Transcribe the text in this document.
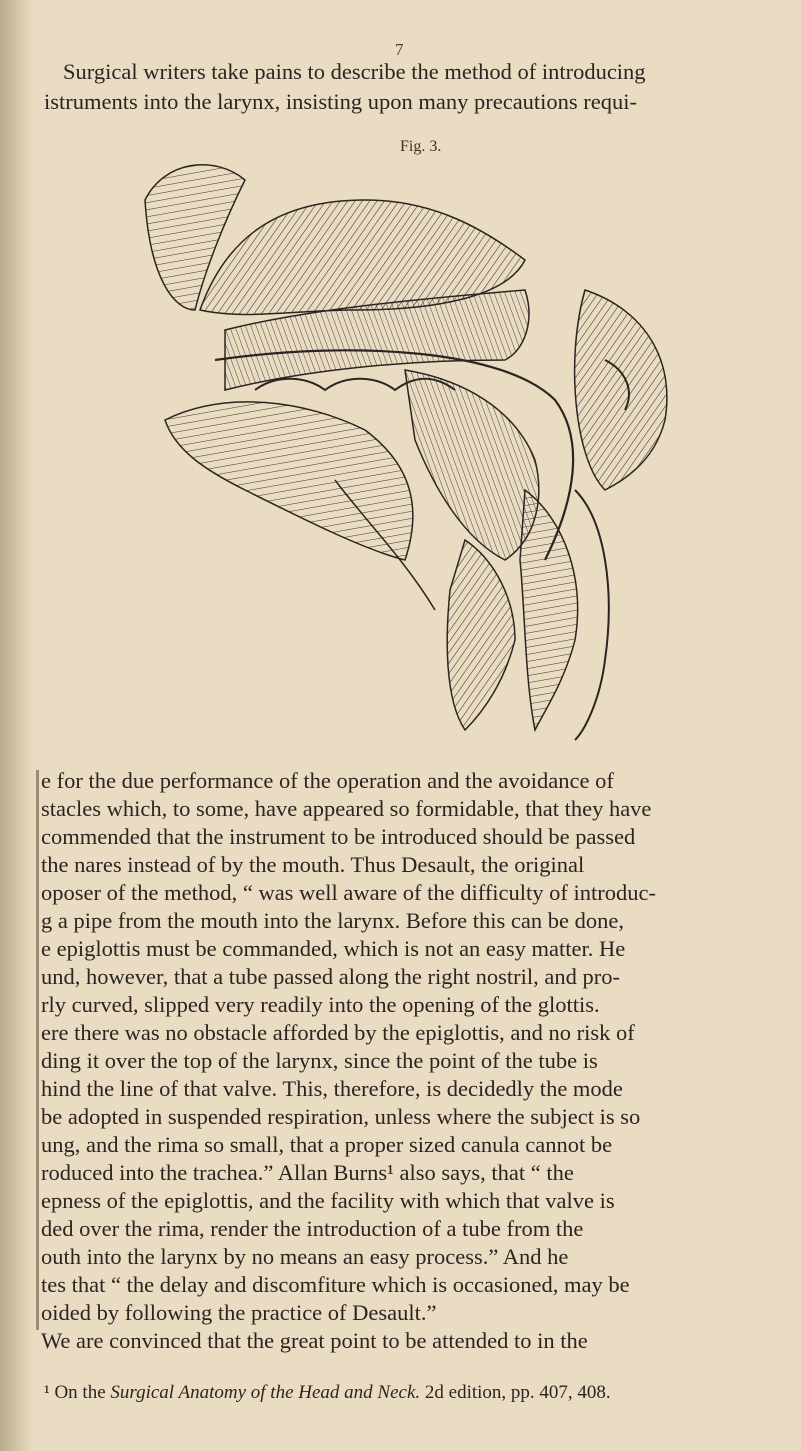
7

Surgical writers take pains to describe the method of introducing

istruments into the larynx, insisting upon many precautions requi-

Fig. 3.

e for the due performance of the operation and the avoidance of

stacles which, to some, have appeared so formidable, that they have

commended that the instrument to be introduced should be passed

the nares instead of by the mouth. Thus Desault, the original

oposer of the method, “ was well aware of the difficulty of introduc-

g a pipe from the mouth into the larynx. Before this can be done,

e epiglottis must be commanded, which is not an easy matter. He

und, however, that a tube passed along the right nostril, and pro-

rly curved, slipped very readily into the opening of the glottis.

ere there was no obstacle afforded by the epiglottis, and no risk of

ding it over the top of the larynx, since the point of the tube is

hind the line of that valve. This, therefore, is decidedly the mode

be adopted in suspended respiration, unless where the subject is so

ung, and the rima so small, that a proper sized canula cannot be

roduced into the trachea.” Allan Burns¹ also says, that “ the

epness of the epiglottis, and the facility with which that valve is

ded over the rima, render the introduction of a tube from the

outh into the larynx by no means an easy process.” And he

tes that “ the delay and discomfiture which is occasioned, may be

oided by following the practice of Desault.”

We are convinced that the great point to be attended to in the

¹ On the Surgical Anatomy of the Head and Neck. 2d edition, pp. 407, 408.
